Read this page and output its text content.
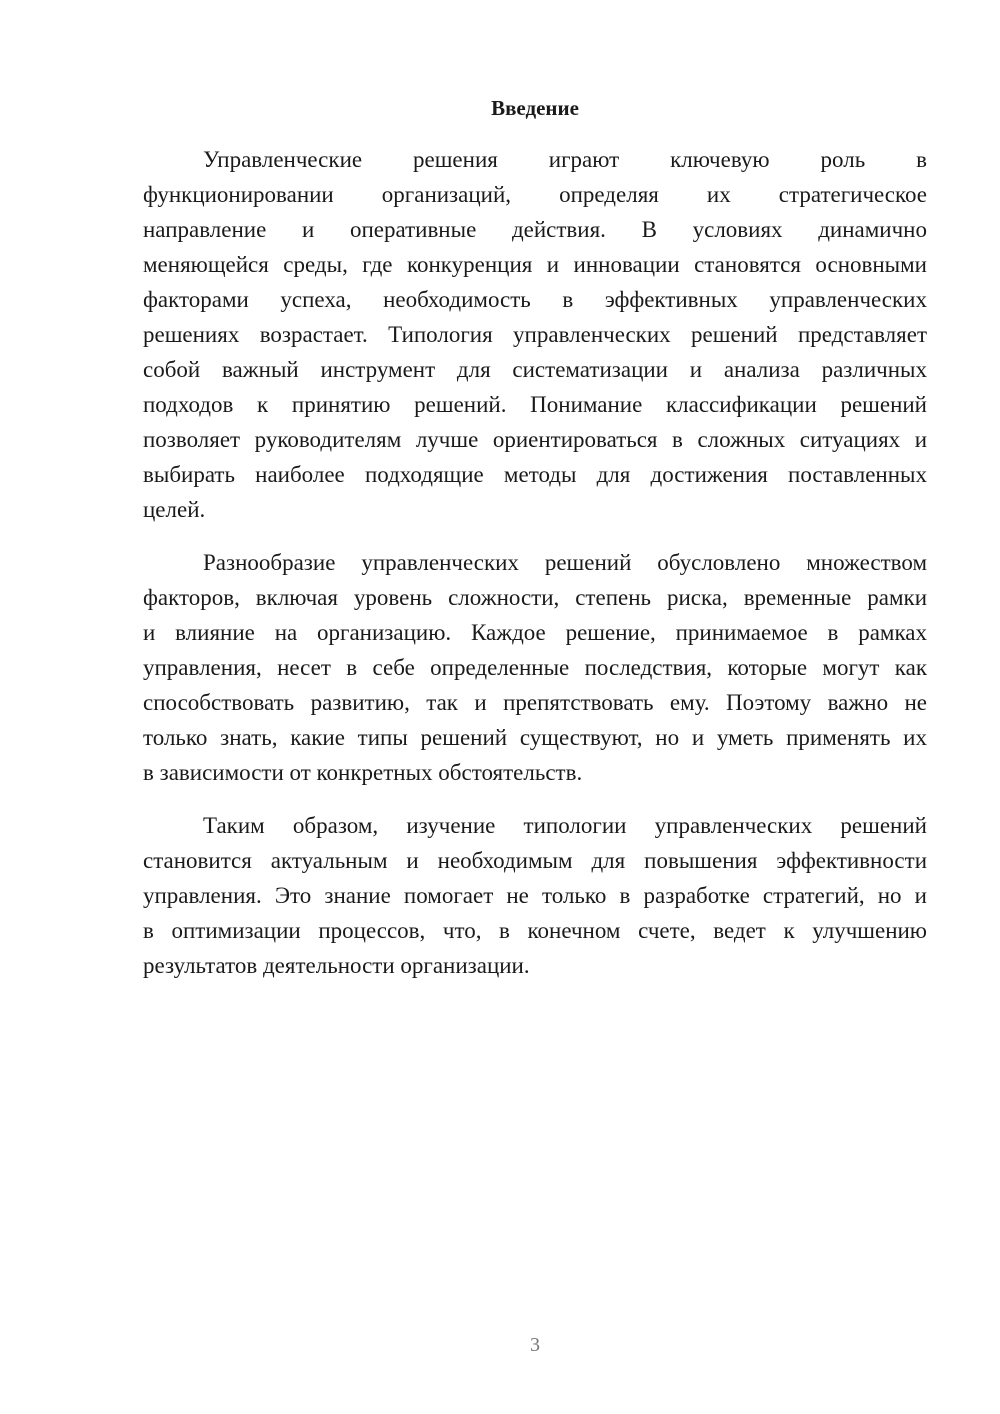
Введение
Управленческие решения играют ключевую роль в
функционировании организаций, определяя их стратегическое
направление и оперативные действия. В условиях динамично
меняющейся среды, где конкуренция и инновации становятся основными
факторами успеха, необходимость в эффективных управленческих
решениях возрастает. Типология управленческих решений представляет
собой важный инструмент для систематизации и анализа различных
подходов к принятию решений. Понимание классификации решений
позволяет руководителям лучше ориентироваться в сложных ситуациях и
выбирать наиболее подходящие методы для достижения поставленных
целей.
Разнообразие управленческих решений обусловлено множеством
факторов, включая уровень сложности, степень риска, временные рамки
и влияние на организацию. Каждое решение, принимаемое в рамках
управления, несет в себе определенные последствия, которые могут как
способствовать развитию, так и препятствовать ему. Поэтому важно не
только знать, какие типы решений существуют, но и уметь применять их
в зависимости от конкретных обстоятельств.
Таким образом, изучение типологии управленческих решений
становится актуальным и необходимым для повышения эффективности
управления. Это знание помогает не только в разработке стратегий, но и
в оптимизации процессов, что, в конечном счете, ведет к улучшению
результатов деятельности организации.
3
